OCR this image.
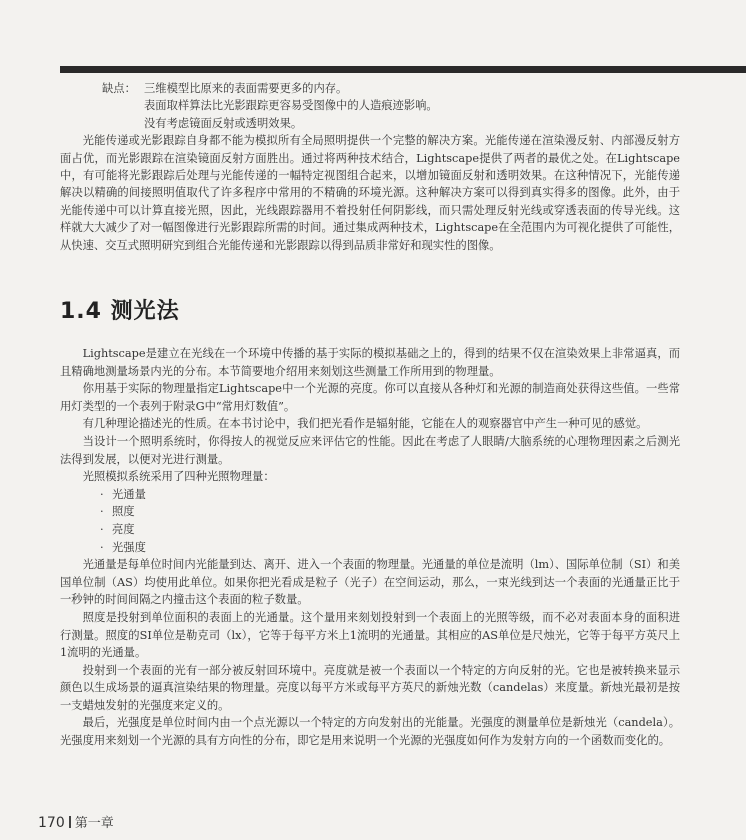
缺点： 三维模型比原来的表面需要更多的内存。
表面取样算法比光影跟踪更容易受图像中的人造痕迹影响。
没有考虑镜面反射或透明效果。

光能传递或光影跟踪自身都不能为模拟所有全局照明提供一个完整的解决方案。光能传递在渲染漫反射、内部漫反射方面占优，而光影跟踪在渲染镜面反射方面胜出。通过将两种技术结合，Lightscape提供了两者的最优之处。在Lightscape中，有可能将光影跟踪后处理与光能传递的一幅特定视图组合起来，以增加镜面反射和透明效果。在这种情况下，光能传递解决以精确的间接照明值取代了许多程序中常用的不精确的环境光源。这种解决方案可以得到真实得多的图像。此外，由于光能传递中可以计算直接光照，因此，光线跟踪器用不着投射任何阴影线，而只需处理反射光线或穿透表面的传导光线。这样就大大减少了对一幅图像进行光影跟踪所需的时间。通过集成两种技术，Lightscape在全范围内为可视化提供了可能性，从快速、交互式照明研究到组合光能传递和光影跟踪以得到品质非常好和现实性的图像。

1.4 测光法

Lightscape是建立在光线在一个环境中传播的基于实际的模拟基础之上的，得到的结果不仅在渲染效果上非常逼真，而且精确地测量场景内光的分布。本节简要地介绍用来刻划这些测量工作所用到的物理量。

你用基于实际的物理量指定Lightscape中一个光源的亮度。你可以直接从各种灯和光源的制造商处获得这些值。一些常用灯类型的一个表列于附录G中“常用灯数值”。

有几种理论描述光的性质。在本书讨论中，我们把光看作是辐射能，它能在人的观察器官中产生一种可见的感觉。

当设计一个照明系统时，你得按人的视觉反应来评估它的性能。因此在考虑了人眼睛/大脑系统的心理物理因素之后测光法得到发展，以便对光进行测量。

光照模拟系统采用了四种光照物理量：

· 光通量
· 照度
· 亮度
· 光强度

光通量是每单位时间内光能量到达、离开、进入一个表面的物理量。光通量的单位是流明（lm）、国际单位制（SI）和美国单位制（AS）均使用此单位。如果你把光看成是粒子（光子）在空间运动，那么，一束光线到达一个表面的光通量正比于一秒钟的时间间隔之内撞击这个表面的粒子数量。

照度是投射到单位面积的表面上的光通量。这个量用来刻划投射到一个表面上的光照等级，而不必对表面本身的面积进行测量。照度的SI单位是勒克司（lx），它等于每平方米上1流明的光通量。其相应的AS单位是尺烛光，它等于每平方英尺上1流明的光通量。

投射到一个表面的光有一部分被反射回环境中。亮度就是被一个表面以一个特定的方向反射的光。它也是被转换来显示颜色以生成场景的逼真渲染结果的物理量。亮度以每平方米或每平方英尺的新烛光数（candelas）来度量。新烛光最初是按一支蜡烛发射的光强度来定义的。

最后，光强度是单位时间内由一个点光源以一个特定的方向发射出的光能量。光强度的测量单位是新烛光（candela）。光强度用来刻划一个光源的具有方向性的分布，即它是用来说明一个光源的光强度如何作为发射方向的一个函数而变化的。

170 第一章
